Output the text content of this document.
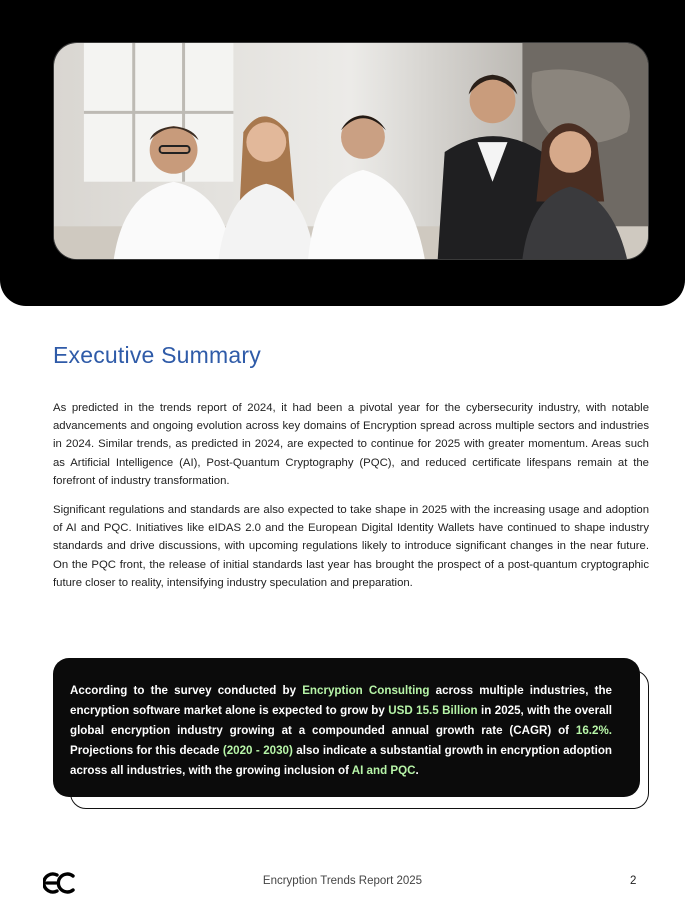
Executive Summary

As predicted in the trends report of 2024, it had been a pivotal year for the cybersecurity industry, with notable advancements and ongoing evolution across key domains of Encryption spread across multiple sectors and industries in 2024. Similar trends, as predicted in 2024, are expected to continue for 2025 with greater momentum. Areas such as Artificial Intelligence (AI), Post-Quantum Cryptography (PQC), and reduced certificate lifespans remain at the forefront of industry transformation.

Significant regulations and standards are also expected to take shape in 2025 with the increasing usage and adoption of AI and PQC. Initiatives like eIDAS 2.0 and the European Digital Identity Wallets have continued to shape industry standards and drive discussions, with upcoming regulations likely to introduce significant changes in the near future. On the PQC front, the release of initial standards last year has brought the prospect of a post-quantum cryptographic future closer to reality, intensifying industry speculation and preparation.

According to the survey conducted by Encryption Consulting across multiple industries, the encryption software market alone is expected to grow by USD 15.5 Billion in 2025, with the overall global encryption industry growing at a compounded annual growth rate (CAGR) of 16.2%. Projections for this decade (2020 - 2030) also indicate a substantial growth in encryption adoption across all industries, with the growing inclusion of AI and PQC.

Encryption Trends Report 2025	2
